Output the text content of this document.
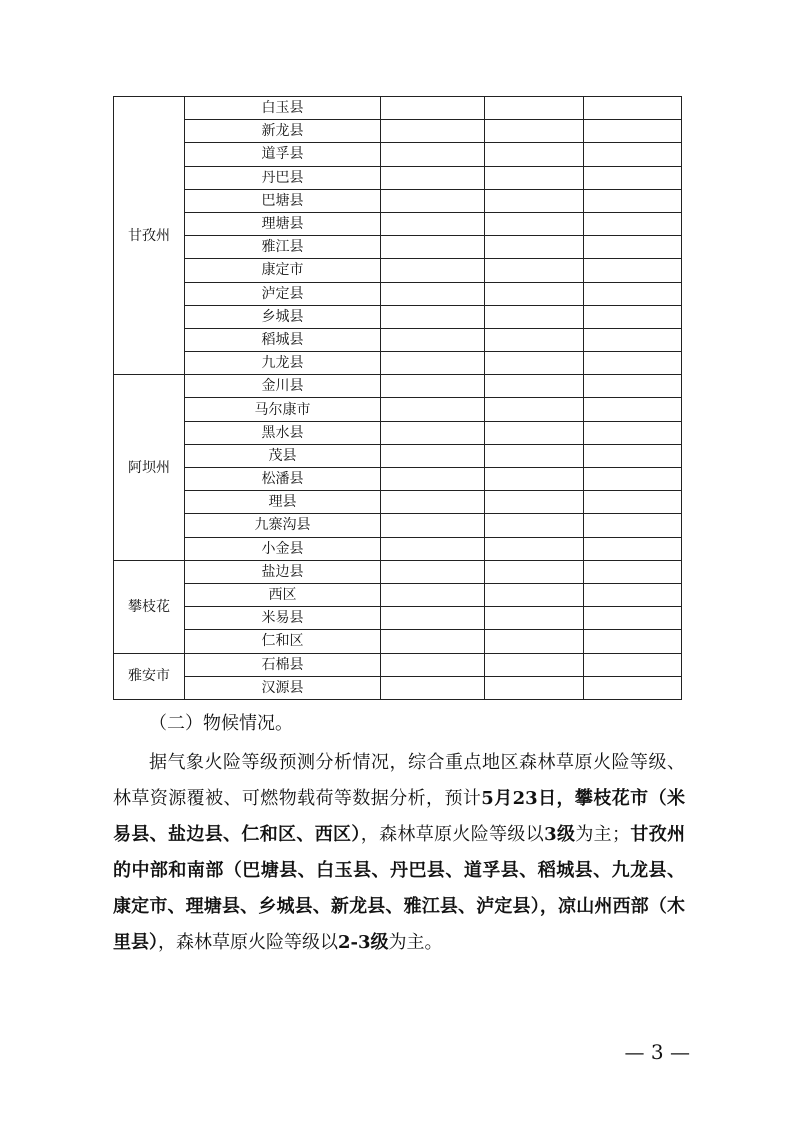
甘孜州	白玉县			
	新龙县			
	道孚县			
	丹巴县			
	巴塘县			
	理塘县			
	雅江县			
	康定市			
	泸定县			
	乡城县			
	稻城县			
	九龙县			
阿坝州	金川县			
	马尔康市			
	黑水县			
	茂县			
	松潘县			
	理县			
	九寨沟县			
	小金县			
攀枝花	盐边县			
	西区			
	米易县			
	仁和区			
雅安市	石棉县			
	汉源县			

（二）物候情况。

据气象火险等级预测分析情况，综合重点地区森林草原火险等级、林草资源覆被、可燃物载荷等数据分析，预计5月23日，攀枝花市（米易县、盐边县、仁和区、西区），森林草原火险等级以3级为主；甘孜州的中部和南部（巴塘县、白玉县、丹巴县、道孚县、稻城县、九龙县、康定市、理塘县、乡城县、新龙县、雅江县、泸定县），凉山州西部（木里县），森林草原火险等级以2-3级为主。

— 3 —
